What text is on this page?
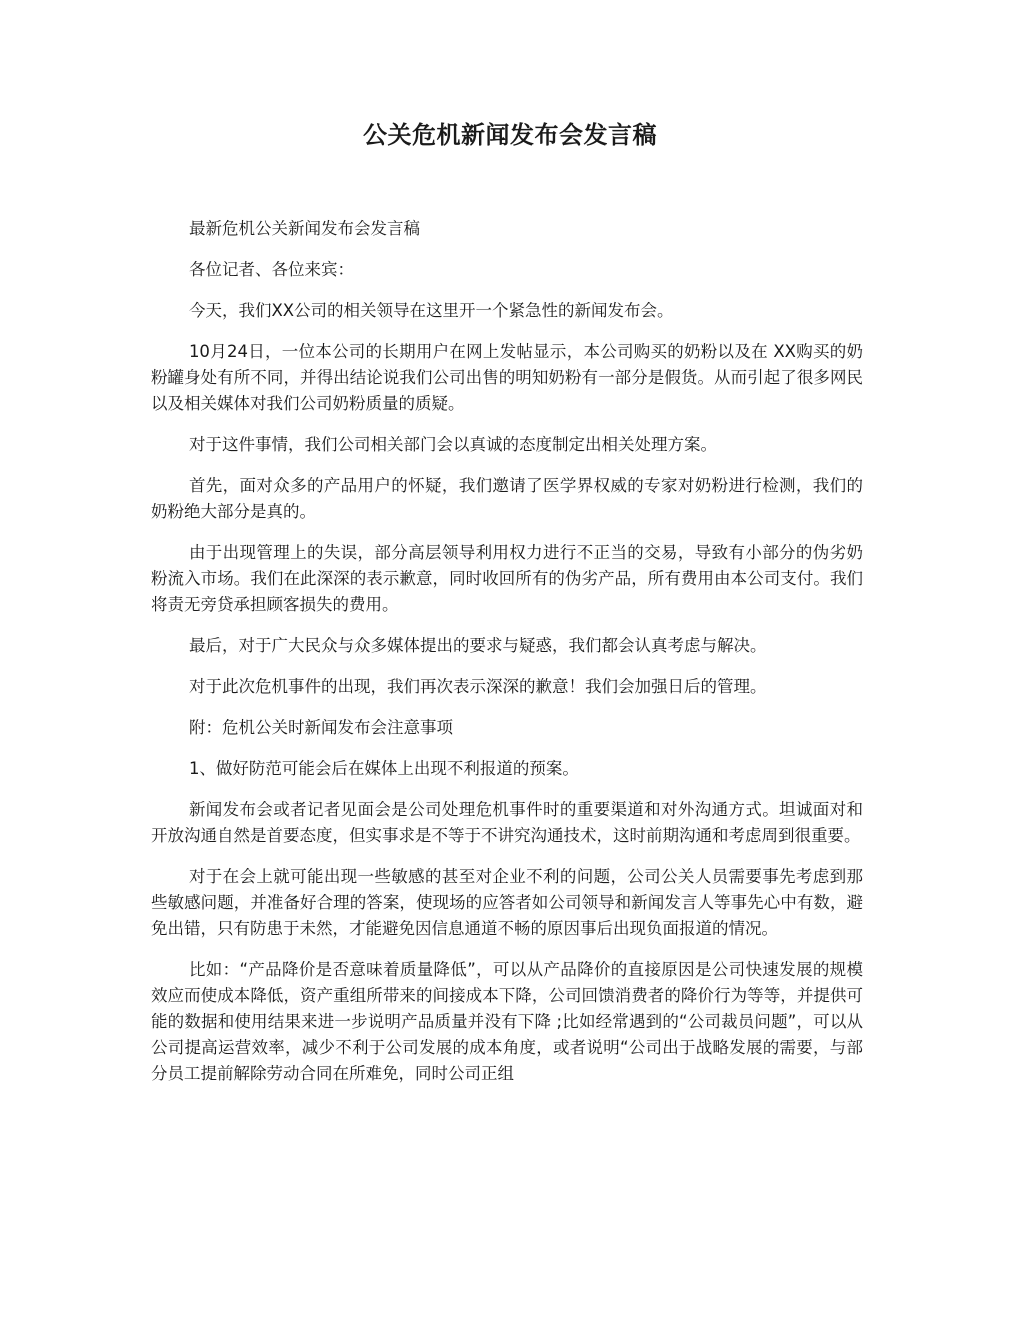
公关危机新闻发布会发言稿

最新危机公关新闻发布会发言稿

各位记者、各位来宾：

今天，我们XX公司的相关领导在这里开一个紧急性的新闻发布会。

10月24日，一位本公司的长期用户在网上发帖显示，本公司购买的奶粉以及在 XX购买的奶粉罐身处有所不同，并得出结论说我们公司出售的明知奶粉有一部分是假货。从而引起了很多网民以及相关媒体对我们公司奶粉质量的质疑。

对于这件事情，我们公司相关部门会以真诚的态度制定出相关处理方案。

首先，面对众多的产品用户的怀疑，我们邀请了医学界权威的专家对奶粉进行检测，我们的奶粉绝大部分是真的。

由于出现管理上的失误，部分高层领导利用权力进行不正当的交易，导致有小部分的伪劣奶粉流入市场。我们在此深深的表示歉意，同时收回所有的伪劣产品，所有费用由本公司支付。我们将责无旁贷承担顾客损失的费用。

最后，对于广大民众与众多媒体提出的要求与疑惑，我们都会认真考虑与解决。

对于此次危机事件的出现，我们再次表示深深的歉意！我们会加强日后的管理。

附：危机公关时新闻发布会注意事项

1、做好防范可能会后在媒体上出现不利报道的预案。

新闻发布会或者记者见面会是公司处理危机事件时的重要渠道和对外沟通方式。坦诚面对和开放沟通自然是首要态度，但实事求是不等于不讲究沟通技术，这时前期沟通和考虑周到很重要。

对于在会上就可能出现一些敏感的甚至对企业不利的问题，公司公关人员需要事先考虑到那些敏感问题，并准备好合理的答案，使现场的应答者如公司领导和新闻发言人等事先心中有数，避免出错，只有防患于未然，才能避免因信息通道不畅的原因事后出现负面报道的情况。

比如：“产品降价是否意味着质量降低”，可以从产品降价的直接原因是公司快速发展的规模效应而使成本降低，资产重组所带来的间接成本下降，公司回馈消费者的降价行为等等，并提供可能的数据和使用结果来进一步说明产品质量并没有下降 ;比如经常遇到的“公司裁员问题”，可以从公司提高运营效率，减少不利于公司发展的成本角度，或者说明“公司出于战略发展的需要，与部分员工提前解除劳动合同在所难免，同时公司正组
